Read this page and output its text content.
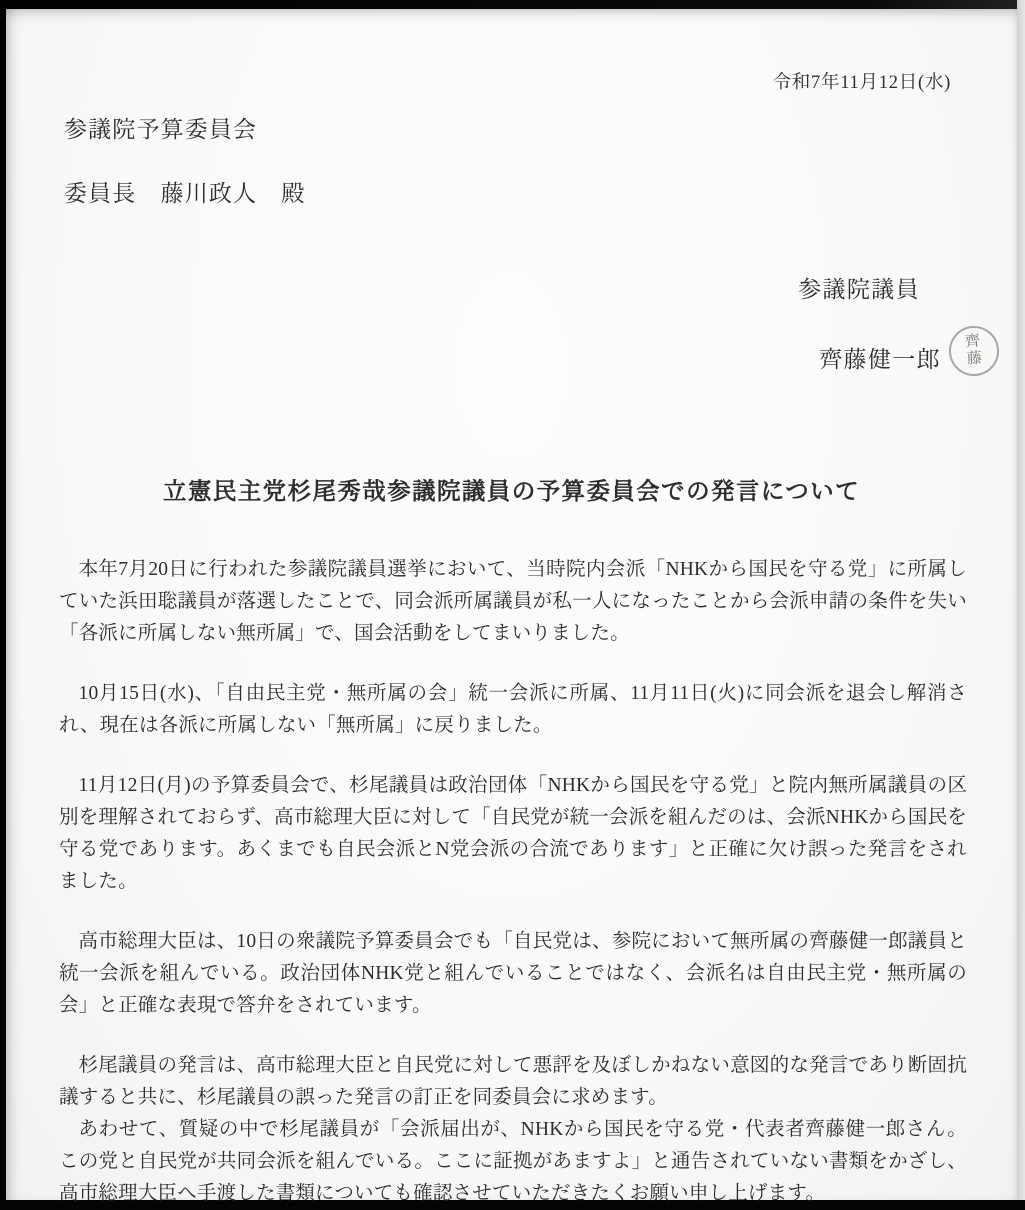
令和7年11月12日(水)
参議院予算委員会
委員長　藤川政人　殿
参議院議員
齊藤健一郎
齊
藤
立憲民主党杉尾秀哉参議院議員の予算委員会での発言について

本年7月20日に行われた参議院議員選挙において、当時院内会派「NHKから国民を守る党」に所属していた浜田聡議員が落選したことで、同会派所属議員が私一人になったことから会派申請の条件を失い「各派に所属しない無所属」で、国会活動をしてまいりました。

10月15日(水)、「自由民主党・無所属の会」統一会派に所属、11月11日(火)に同会派を退会し解消され、現在は各派に所属しない「無所属」に戻りました。

11月12日(月)の予算委員会で、杉尾議員は政治団体「NHKから国民を守る党」と院内無所属議員の区別を理解されておらず、高市総理大臣に対して「自民党が統一会派を組んだのは、会派NHKから国民を守る党であります。あくまでも自民会派とN党会派の合流であります」と正確に欠け誤った発言をされました。

高市総理大臣は、10日の衆議院予算委員会でも「自民党は、参院において無所属の齊藤健一郎議員と統一会派を組んでいる。政治団体NHK党と組んでいることではなく、会派名は自由民主党・無所属の会」と正確な表現で答弁をされています。

杉尾議員の発言は、高市総理大臣と自民党に対して悪評を及ぼしかねない意図的な発言であり断固抗議すると共に、杉尾議員の誤った発言の訂正を同委員会に求めます。

あわせて、質疑の中で杉尾議員が「会派届出が、NHKから国民を守る党・代表者齊藤健一郎さん。この党と自民党が共同会派を組んでいる。ここに証拠があますよ」と通告されていない書類をかざし、高市総理大臣へ手渡した書類についても確認させていただきたくお願い申し上げます。
